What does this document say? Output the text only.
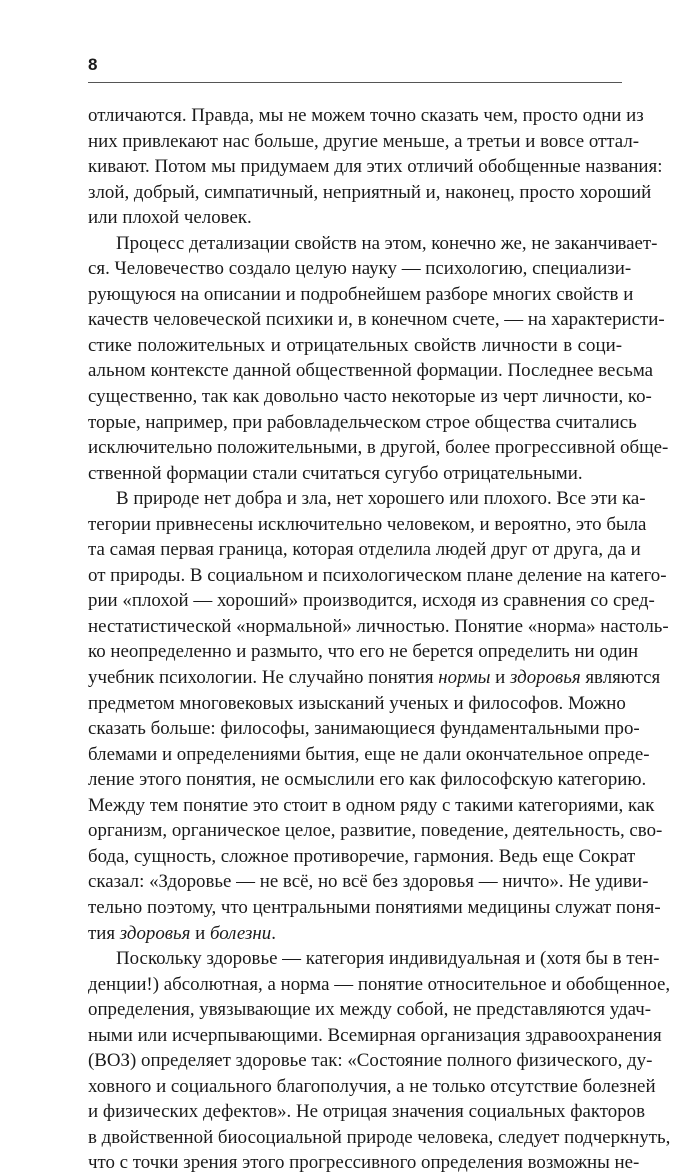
8
отличаются. Правда, мы не можем точно сказать чем, просто одни из
них привлекают нас больше, другие меньше, а третьи и вовсе оттал-
кивают. Потом мы придумаем для этих отличий обобщенные названия:
злой, добрый, симпатичный, неприятный и, наконец, просто хороший
или плохой человек.
Процесс детализации свойств на этом, конечно же, не заканчивает-
ся. Человечество создало целую науку — психологию, специализи-
рующуюся на описании и подробнейшем разборе многих свойств и
качеств человеческой психики и, в конечном счете, — на характеристи-
стике положительных и отрицательных свойств личности в соци-
альном контексте данной общественной формации. Последнее весьма
существенно, так как довольно часто некоторые из черт личности, ко-
торые, например, при рабовладельческом строе общества считались
исключительно положительными, в другой, более прогрессивной обще-
ственной формации стали считаться сугубо отрицательными.
В природе нет добра и зла, нет хорошего или плохого. Все эти ка-
тегории привнесены исключительно человеком, и вероятно, это была
та самая первая граница, которая отделила людей друг от друга, да и
от природы. В социальном и психологическом плане деление на катего-
рии «плохой — хороший» производится, исходя из сравнения со сред-
нестатистической «нормальной» личностью. Понятие «норма» настоль-
ко неопределенно и размыто, что его не берется определить ни один
учебник психологии. Не случайно понятия нормы и здоровья являются
предметом многовековых изысканий ученых и философов. Можно
сказать больше: философы, занимающиеся фундаментальными про-
блемами и определениями бытия, еще не дали окончательное опреде-
ление этого понятия, не осмыслили его как философскую категорию.
Между тем понятие это стоит в одном ряду с такими категориями, как
организм, органическое целое, развитие, поведение, деятельность, сво-
бода, сущность, сложное противоречие, гармония. Ведь еще Сократ
сказал: «Здоровье — не всё, но всё без здоровья — ничто». Не удиви-
тельно поэтому, что центральными понятиями медицины служат поня-
тия здоровья и болезни.
Поскольку здоровье — категория индивидуальная и (хотя бы в тен-
денции!) абсолютная, а норма — понятие относительное и обобщенное,
определения, увязывающие их между собой, не представляются удач-
ными или исчерпывающими. Всемирная организация здравоохранения
(ВОЗ) определяет здоровье так: «Состояние полного физического, ду-
ховного и социального благополучия, а не только отсутствие болезней
и физических дефектов». Не отрицая значения социальных факторов
в двойственной биосоциальной природе человека, следует подчеркнуть,
что с точки зрения этого прогрессивного определения возможны не-
